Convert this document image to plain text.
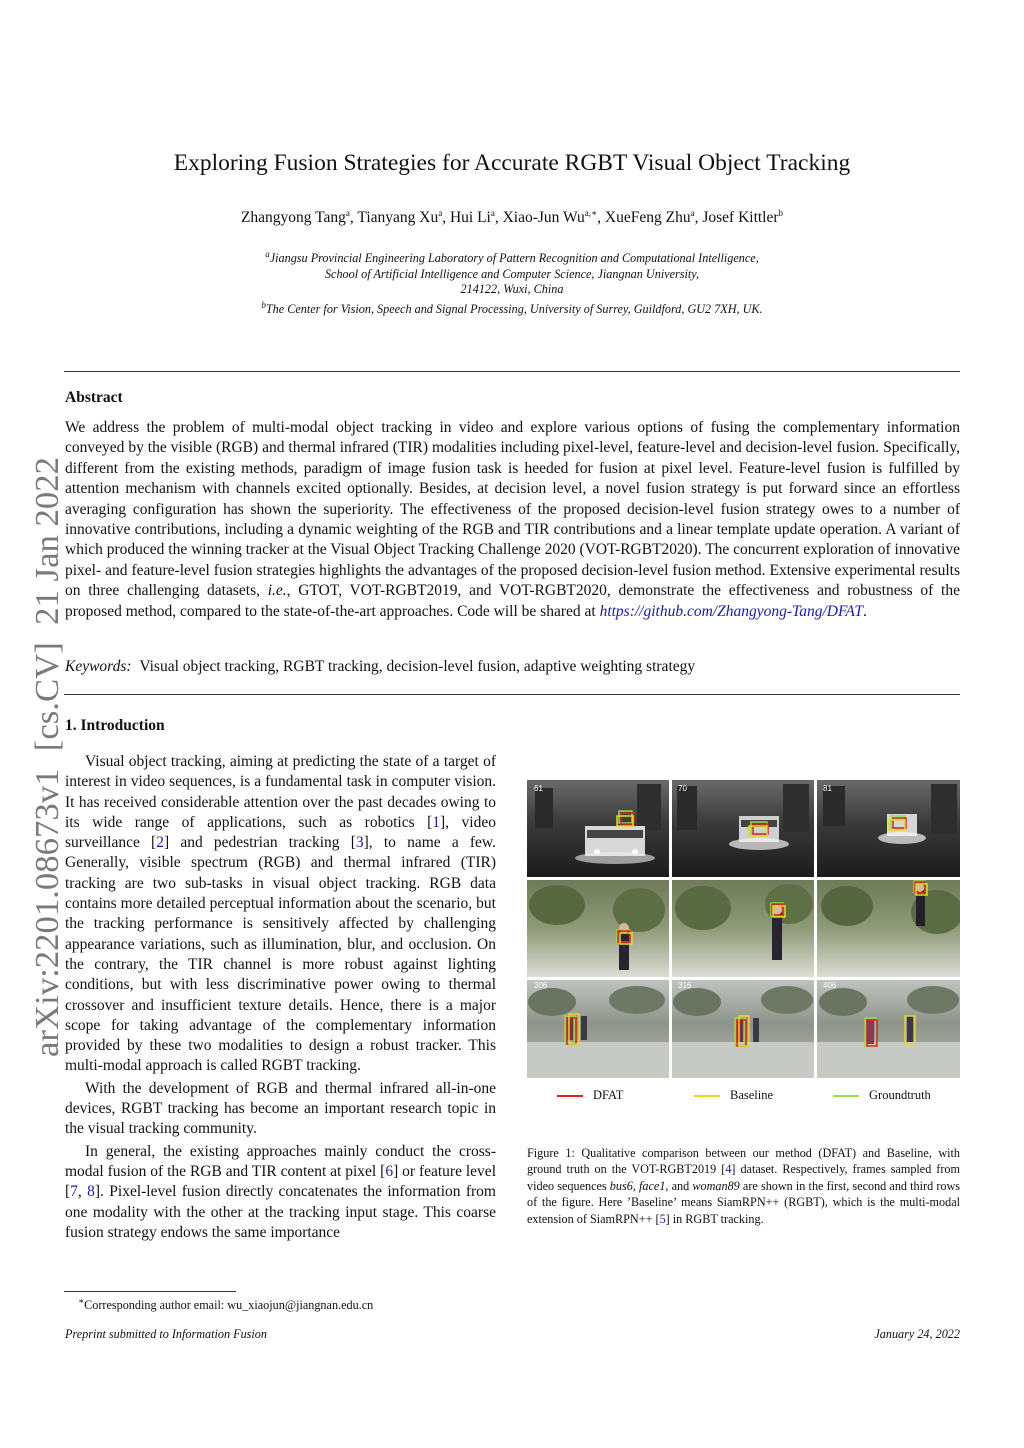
Exploring Fusion Strategies for Accurate RGBT Visual Object Tracking
Zhangyong Tang$^a$, Tianyang Xu$^a$, Hui Li$^a$, Xiao-Jun $Wu^{a,∗}$, XueFeng Zhu$^a$, Josef Kittler$^b$
$^a$Jiangsu Provincial Engineering Laboratory of Pattern Recognition and Computational Intelligence,
School of Artificial Intelligence and Computer Science, Jiangnan University,
214122, Wuxi, China
$^b$The Center for Vision, Speech and Signal Processing, University of Surrey, Guildford, GU2 7XH, UK.
arXiv:2201.08673v1  [cs.CV]  21 Jan 2022
Abstract
We address the problem of multi-modal object tracking in video and explore various options of fusing the complementary information conveyed by the visible (RGB) and thermal infrared (TIR) modalities including pixel-level, feature-level and decision-level fusion. Specifically, different from the existing methods, paradigm of image fusion task is heeded for fusion at pixel level. Feature-level fusion is fulfilled by attention mechanism with channels excited optionally. Besides, at decision level, a novel fusion strategy is put forward since an effortless averaging configuration has shown the superiority. The effectiveness of the proposed decision-level fusion strategy owes to a number of innovative contributions, including a dynamic weighting of the RGB and TIR contributions and a linear template update operation. A variant of which produced the winning tracker at the Visual Object Tracking Challenge 2020 (VOT-RGBT2020). The concurrent exploration of innovative pixel- and feature-level fusion strategies highlights the advantages of the proposed decision-level fusion method. Extensive experimental results on three challenging datasets, i.e., GTOT, VOT-RGBT2019, and VOT-RGBT2020, demonstrate the effectiveness and robustness of the proposed method, compared to the state-of-the-art approaches. Code will be shared at https://github.com/Zhangyong-Tang/DFAT.
Keywords: Visual object tracking, RGBT tracking, decision-level fusion, adaptive weighting strategy
1. Introduction

Visual object tracking, aiming at predicting the state of a target of interest in video sequences, is a fundamental task in computer vision. It has received considerable attention over the past decades owing to its wide range of applications, such as robotics [1], video surveillance [2] and pedestrian tracking [3], to name a few. Generally, visible spectrum (RGB) and thermal infrared (TIR) tracking are two sub-tasks in visual object tracking. RGB data contains more detailed perceptual information about the scenario, but the tracking performance is sensitively affected by challenging appearance variations, such as illumination, blur, and occlusion. On the contrary, the TIR channel is more robust against lighting conditions, but with less discriminative power owing to thermal crossover and insufficient texture details. Hence, there is a major scope for taking advantage of the complementary information provided by these two modalities to design a robust tracker. This multi-modal approach is called RGBT tracking.

With the development of RGB and thermal infrared all-in-one devices, RGBT tracking has become an important research topic in the visual tracking community.

In general, the existing approaches mainly conduct the cross-modal fusion of the RGB and TIR content at pixel [6] or feature level [7, 8]. Pixel-level fusion directly concatenates the information from one modality with the other at the tracking input stage. This coarse fusion strategy endows the same importance

61	70	81
306	316	406
DFAT	Baseline	Groundtruth
Figure 1: Qualitative comparison between our method (DFAT) and Baseline, with ground truth on the VOT-RGBT2019 [4] dataset. Respectively, frames sampled from video sequences bus6, face1, and woman89 are shown in the first, second and third rows of the figure. Here ’Baseline’ means SiamRPN++ (RGBT), which is the multi-modal extension of SiamRPN++ [5] in RGBT tracking.
∗Corresponding author email: wu_xiaojun@jiangnan.edu.cn
Preprint submitted to Information Fusion	January 24, 2022
